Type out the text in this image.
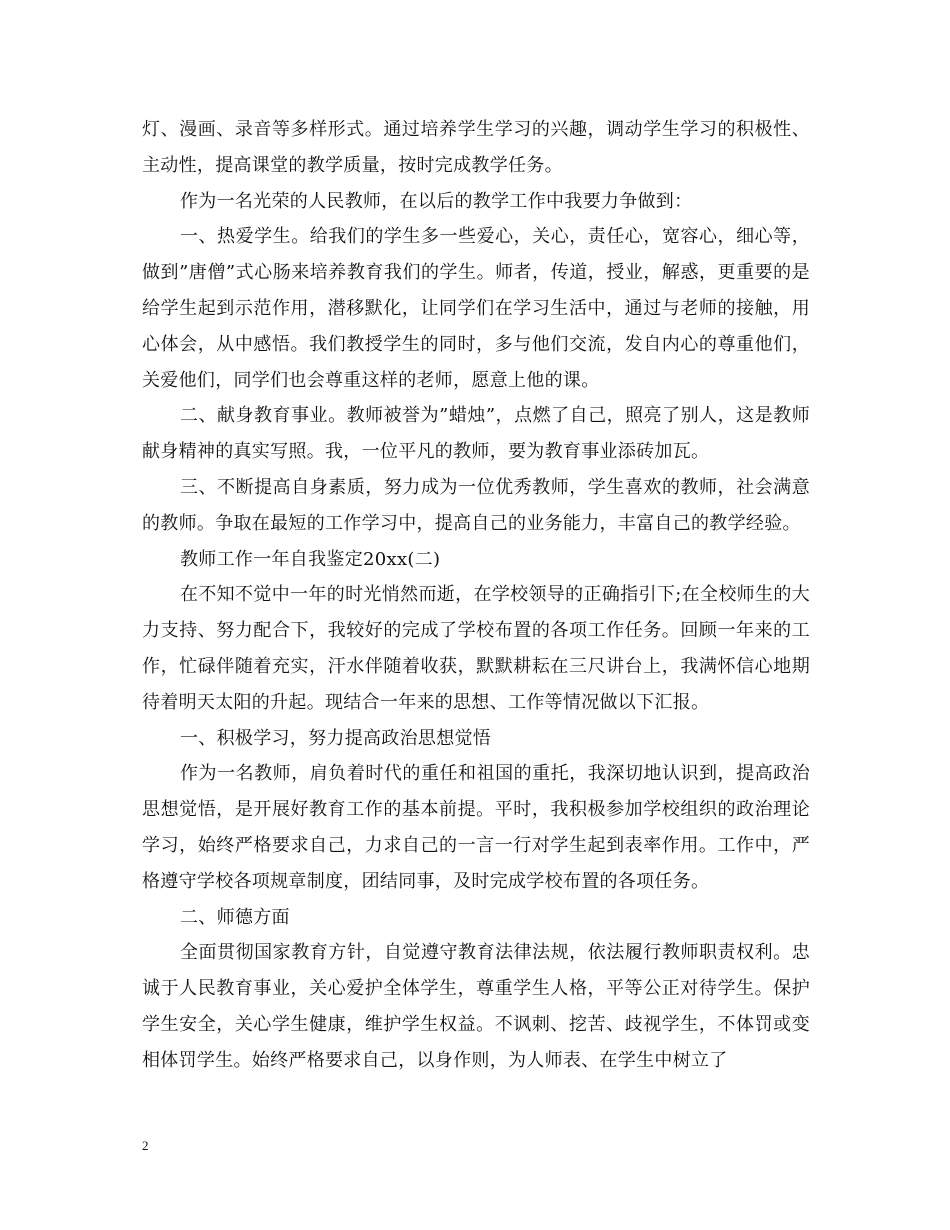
灯、漫画、录音等多样形式。通过培养学生学习的兴趣，调动学生学习的积极性、主动性，提高课堂的教学质量，按时完成教学任务。

作为一名光荣的人民教师，在以后的教学工作中我要力争做到：

一、热爱学生。给我们的学生多一些爱心，关心，责任心，宽容心，细心等，做到”唐僧”式心肠来培养教育我们的学生。师者，传道，授业，解惑，更重要的是给学生起到示范作用，潜移默化，让同学们在学习生活中，通过与老师的接触，用心体会，从中感悟。我们教授学生的同时，多与他们交流，发自内心的尊重他们，关爱他们，同学们也会尊重这样的老师，愿意上他的课。

二、献身教育事业。教师被誉为”蜡烛”，点燃了自己，照亮了别人，这是教师献身精神的真实写照。我，一位平凡的教师，要为教育事业添砖加瓦。

三、不断提高自身素质，努力成为一位优秀教师，学生喜欢的教师，社会满意的教师。争取在最短的工作学习中，提高自己的业务能力，丰富自己的教学经验。

教师工作一年自我鉴定20xx(二)

在不知不觉中一年的时光悄然而逝，在学校领导的正确指引下;在全校师生的大力支持、努力配合下，我较好的完成了学校布置的各项工作任务。回顾一年来的工作，忙碌伴随着充实，汗水伴随着收获，默默耕耘在三尺讲台上，我满怀信心地期待着明天太阳的升起。现结合一年来的思想、工作等情况做以下汇报。

一、积极学习，努力提高政治思想觉悟

作为一名教师，肩负着时代的重任和祖国的重托，我深切地认识到，提高政治思想觉悟，是开展好教育工作的基本前提。平时，我积极参加学校组织的政治理论学习，始终严格要求自己，力求自己的一言一行对学生起到表率作用。工作中，严格遵守学校各项规章制度，团结同事，及时完成学校布置的各项任务。

二、师德方面

全面贯彻国家教育方针，自觉遵守教育法律法规，依法履行教师职责权利。忠诚于人民教育事业，关心爱护全体学生，尊重学生人格，平等公正对待学生。保护学生安全，关心学生健康，维护学生权益。不讽刺、挖苦、歧视学生，不体罚或变相体罚学生。始终严格要求自己，以身作则，为人师表、在学生中树立了

2
